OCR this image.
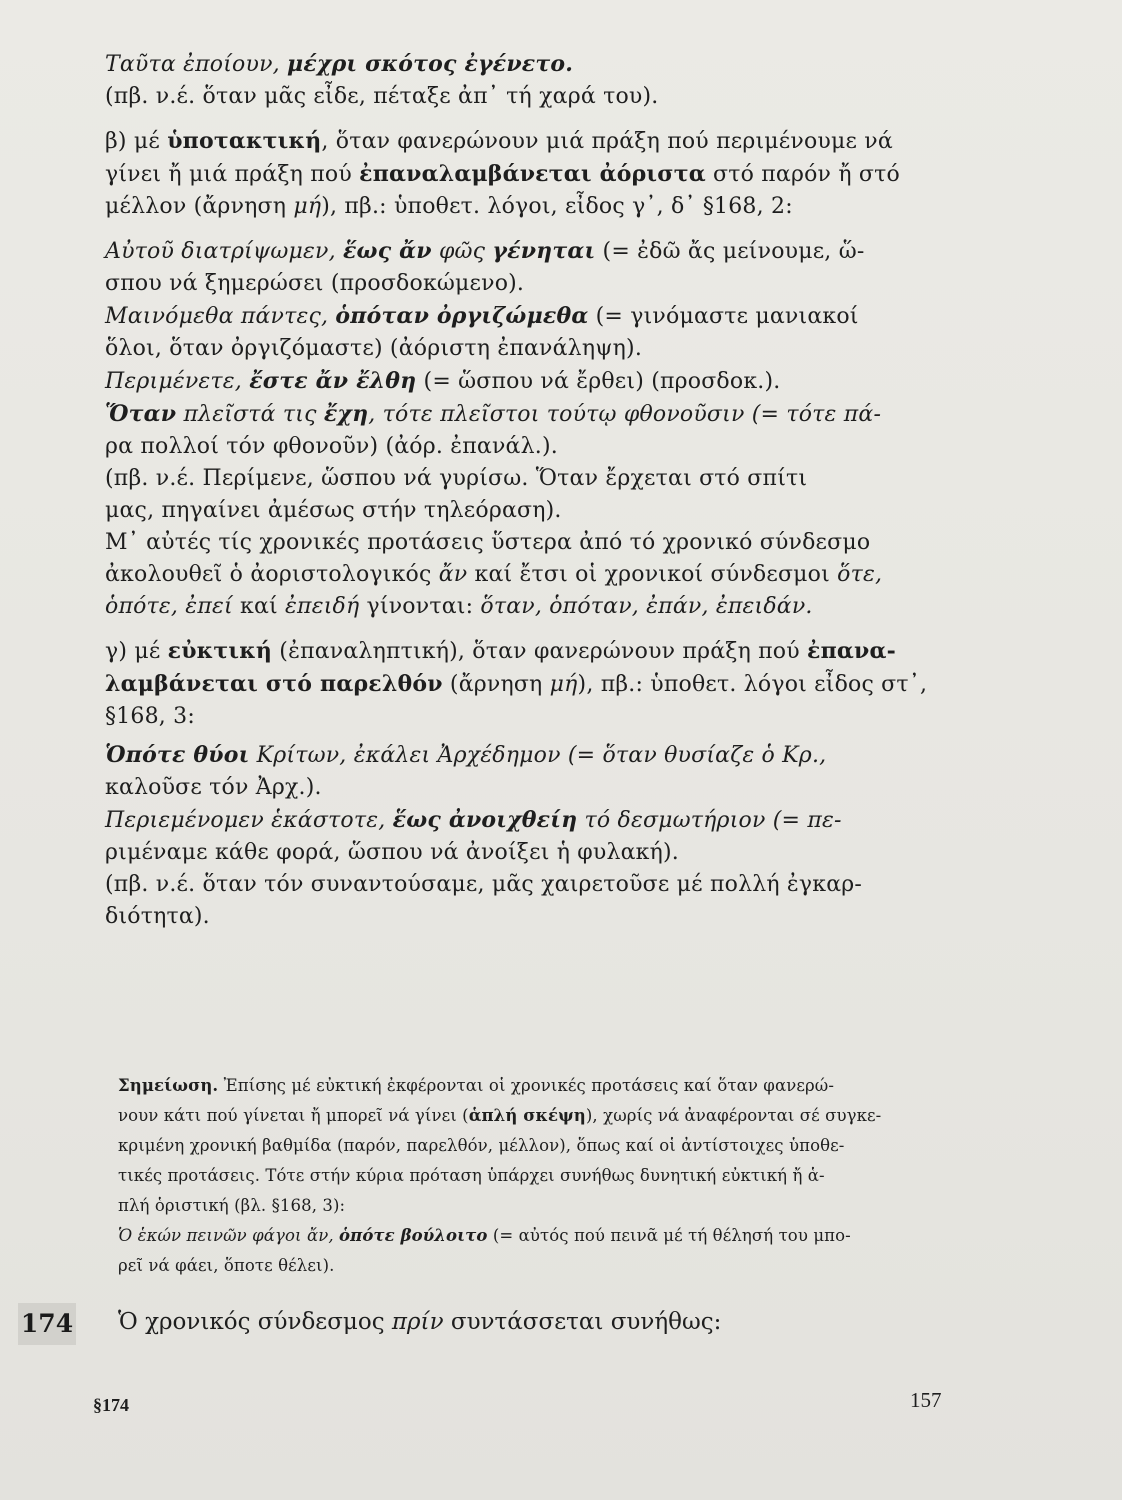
Ταῦτα ἐποίουν, μέχρι σκότος ἐγένετο.
(πβ. ν.έ. ὅταν μᾶς εἶδε, πέταξε ἀπ᾽ τή χαρά του).
β) μέ ὑποτακτική, ὅταν φανερώνουν μιά πράξη πού περιμένουμε νά
γίνει ἤ μιά πράξη πού ἐπαναλαμβάνεται ἀόριστα στό παρόν ἤ στό
μέλλον (ἄρνηση μή), πβ.: ὑποθετ. λόγοι, εἶδος γ᾽, δ᾽ §168, 2:
Αὐτοῦ διατρίψωμεν, ἕως ἄν φῶς γένηται (= ἐδῶ ἄς μείνουμε, ὥ-
σπου νά ξημερώσει (προσδοκώμενο).
Μαινόμεθα πάντες, ὁπόταν ὀργιζώμεθα (= γινόμαστε μανιακοί
ὅλοι, ὅταν ὀργιζόμαστε) (ἀόριστη ἐπανάληψη).
Περιμένετε, ἔστε ἄν ἔλθη (= ὥσπου νά ἔρθει) (προσδοκ.).
Ὅταν πλεῖστά τις ἔχη, τότε πλεῖστοι τούτῳ φθονοῦσιν (= τότε πά-
ρα πολλοί τόν φθονοῦν) (ἀόρ. ἐπανάλ.).
(πβ. ν.έ. Περίμενε, ὥσπου νά γυρίσω. Ὅταν ἔρχεται στό σπίτι
μας, πηγαίνει ἀμέσως στήν τηλεόραση).
Μ᾽ αὐτές τίς χρονικές προτάσεις ὕστερα ἀπό τό χρονικό σύνδεσμο
ἀκολουθεῖ ὁ ἀοριστολογικός ἄν καί ἔτσι οἱ χρονικοί σύνδεσμοι ὅτε,
ὁπότε, ἐπεί καί ἐπειδή γίνονται: ὅταν, ὁπόταν, ἐπάν, ἐπειδάν.
γ) μέ εὐκτική (ἐπαναληπτική), ὅταν φανερώνουν πράξη πού ἐπανα-
λαμβάνεται στό παρελθόν (ἄρνηση μή), πβ.: ὑποθετ. λόγοι εἶδος στ᾽,
§168, 3:
Ὁπότε θύοι Κρίτων, ἐκάλει Ἀρχέδημον (= ὅταν θυσίαζε ὁ Κρ.,
καλοῦσε τόν Ἀρχ.).
Περιεμένομεν ἑκάστοτε, ἕως ἀνοιχθείη τό δεσμωτήριον (= πε-
ριμέναμε κάθε φορά, ὥσπου νά ἀνοίξει ἡ φυλακή).
(πβ. ν.έ. ὅταν τόν συναντούσαμε, μᾶς χαιρετοῦσε μέ πολλή ἐγκαρ-
διότητα).
Σημείωση. Ἐπίσης μέ εὐκτική ἐκφέρονται οἱ χρονικές προτάσεις καί ὅταν φανερώ-
νουν κάτι πού γίνεται ἤ μπορεῖ νά γίνει (ἁπλή σκέψη), χωρίς νά ἀναφέρονται σέ συγκε-
κριμένη χρονική βαθμίδα (παρόν, παρελθόν, μέλλον), ὅπως καί οἱ ἀντίστοιχες ὑποθε-
τικές προτάσεις. Τότε στήν κύρια πρόταση ὑπάρχει συνήθως δυνητική εὐκτική ἤ ἁ-
πλή ὁριστική (βλ. §168, 3):
Ὁ ἑκών πεινῶν φάγοι ἄν, ὁπότε βούλοιτο (= αὐτός πού πεινᾶ μέ τή θέλησή του μπο-
ρεῖ νά φάει, ὅποτε θέλει).
174 Ὁ χρονικός σύνδεσμος πρίν συντάσσεται συνήθως:
§174	157
